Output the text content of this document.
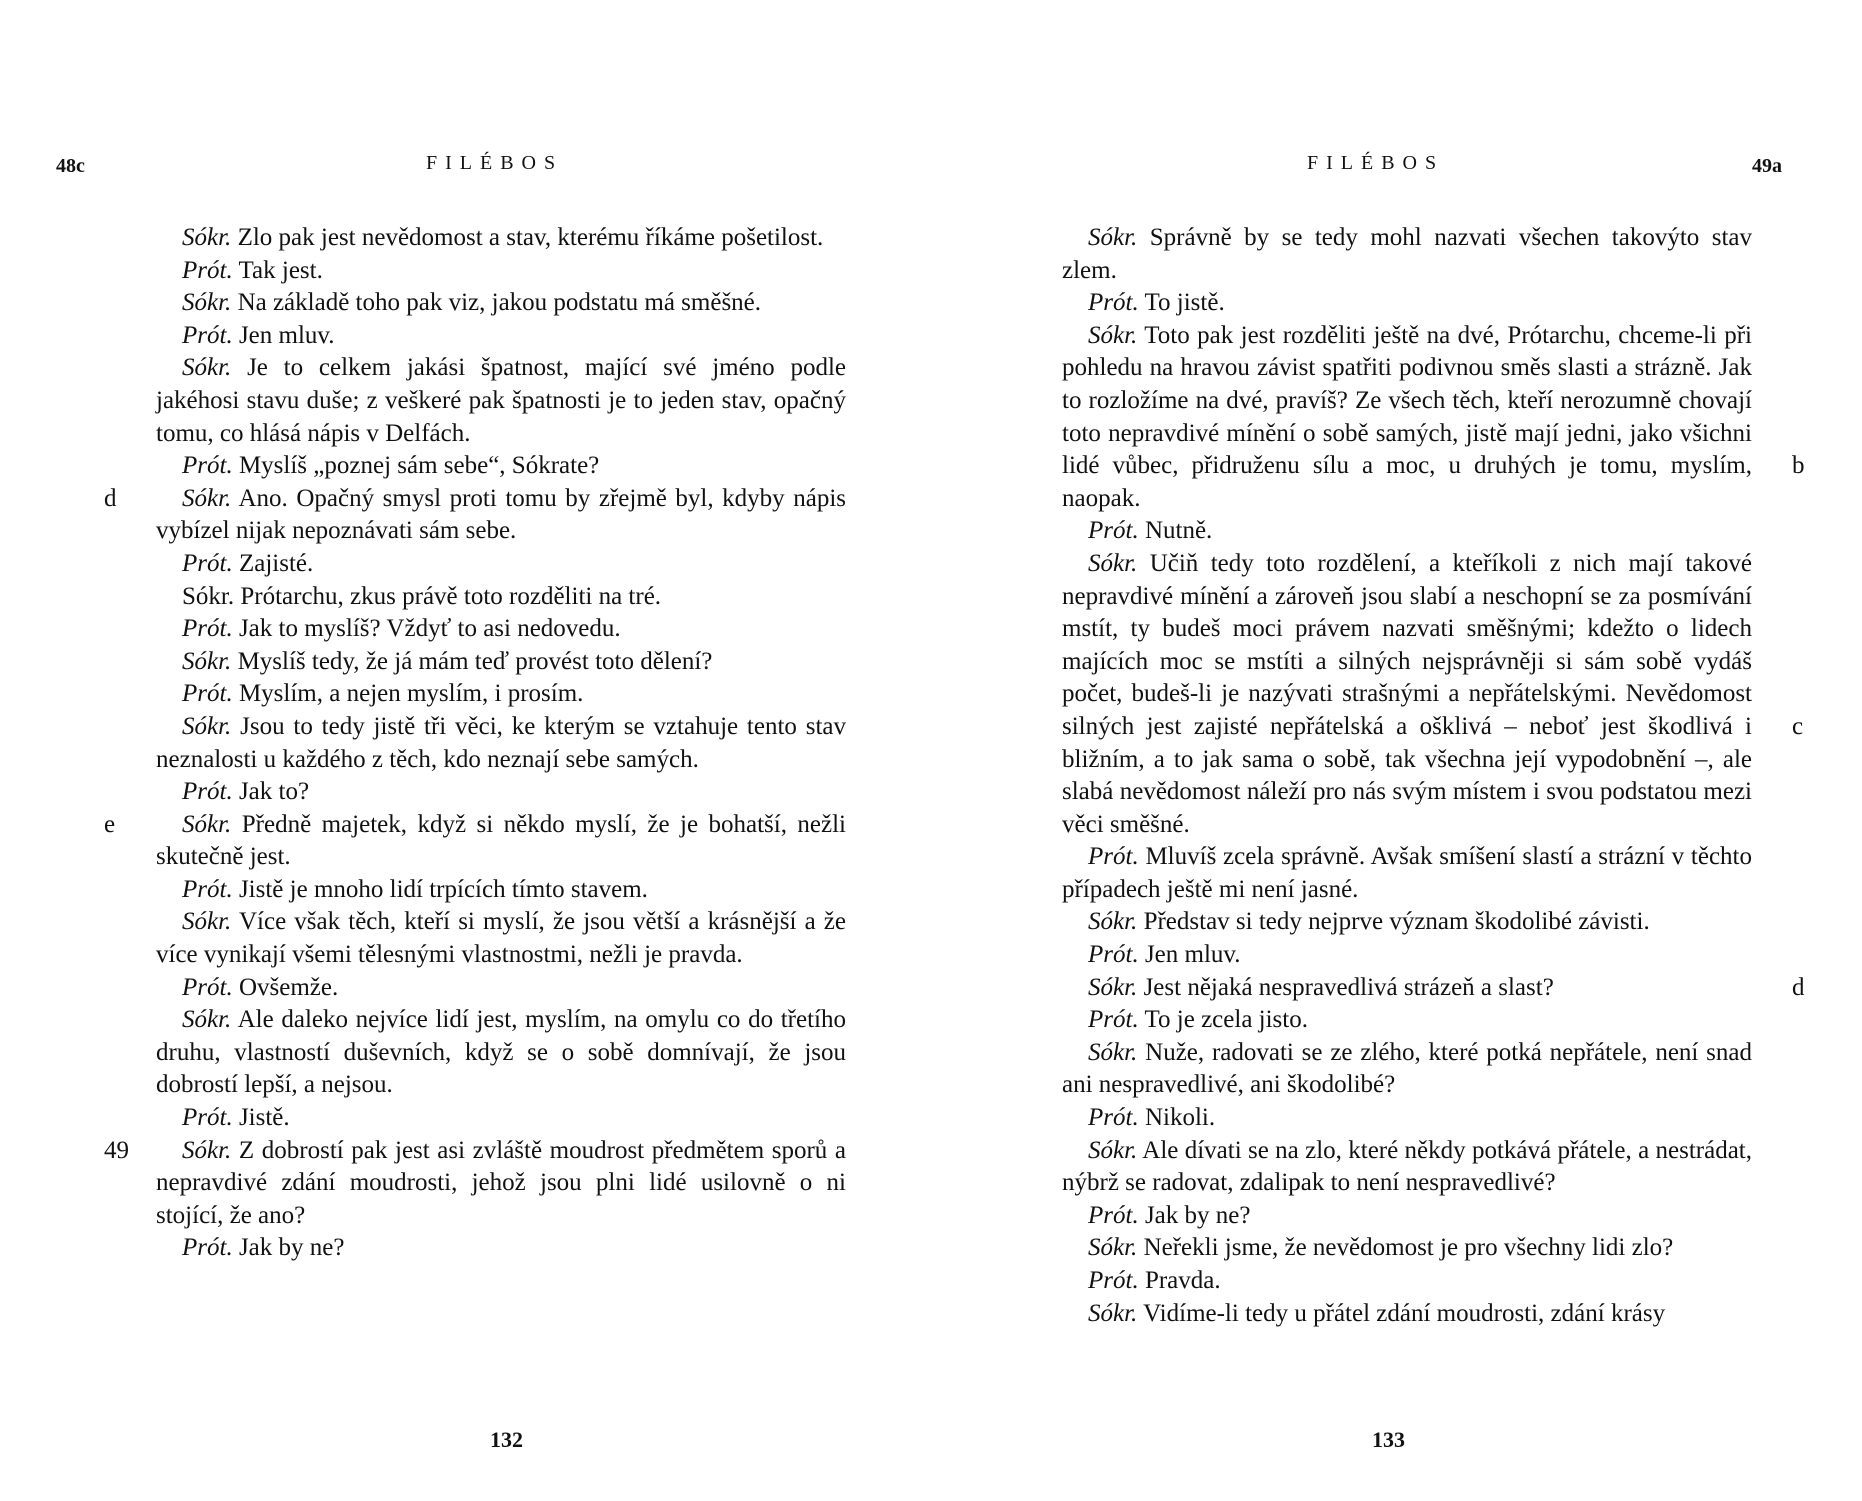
48c	FILÉBOS

Sókr. Zlo pak jest nevědomost a stav, kterému říkáme pošetilost.

Prót. Tak jest.

Sókr. Na základě toho pak viz, jakou podstatu má směšné.

Prót. Jen mluv.

Sókr. Je to celkem jakási špatnost, mající své jméno podle jakéhosi stavu duše; z veškeré pak špatnosti je to jeden stav, opačný tomu, co hlásá nápis v Delfách.

Prót. Myslíš „poznej sám sebe“, Sókrate?

d	Sókr. Ano. Opačný smysl proti tomu by zřejmě byl, kdyby nápis vybízel nijak nepoznávati sám sebe.

Prót. Zajisté.

Sókr. Prótarchu, zkus právě toto rozděliti na tré.

Prót. Jak to myslíš? Vždyť to asi nedovedu.

Sókr. Myslíš tedy, že já mám teď provést toto dělení?

Prót. Myslím, a nejen myslím, i prosím.

Sókr. Jsou to tedy jistě tři věci, ke kterým se vztahuje tento stav neznalosti u každého z těch, kdo neznají sebe samých.

Prót. Jak to?

e	Sókr. Předně majetek, když si někdo myslí, že je bohatší, nežli skutečně jest.

Prót. Jistě je mnoho lidí trpících tímto stavem.

Sókr. Více však těch, kteří si myslí, že jsou větší a krásnější a že více vynikají všemi tělesnými vlastnostmi, nežli je pravda.

Prót. Ovšemže.

Sókr. Ale daleko nejvíce lidí jest, myslím, na omylu co do třetího druhu, vlastností duševních, když se o sobě domnívají, že jsou dobrostí lepší, a nejsou.

Prót. Jistě.

49 Sókr. Z dobrostí pak jest asi zvláště moudrost předmětem sporů a nepravdivé zdání moudrosti, jehož jsou plni lidé usilovně o ni stojící, že ano?

Prót. Jak by ne?

132
FILÉBOS	49a

Sókr. Správně by se tedy mohl nazvati všechen takovýto stav zlem.

Prót. To jistě.

b
Sókr. Toto pak jest rozděliti ještě na dvé, Prótarchu, chceme-li při pohledu na hravou závist spatřiti podivnou směs slasti a strázně. Jak to rozložíme na dvé, pravíš? Ze všech těch, kteří nerozumně chovají toto nepravdivé mínění o sobě samých, jistě mají jedni, jako všichni lidé vůbec, přidruženu sílu a moc, u druhých je tomu, myslím, naopak.

Prót. Nutně.

c
Sókr. Učiň tedy toto rozdělení, a kteříkoli z nich mají takové nepravdivé mínění a zároveň jsou slabí a neschopní se za posmívání mstít, ty budeš moci právem nazvati směšnými; kdežto o lidech majících moc se mstíti a silných nejsprávněji si sám sobě vydáš počet, budeš-li je nazývati strašnými a nepřátelskými. Nevědomost silných jest zajisté nepřátelská a ošklivá – neboť jest škodlivá i bližním, a to jak sama o sobě, tak všechna její vypodobnění –, ale slabá nevědomost náleží pro nás svým místem i svou podstatou mezi věci směšné.

Prót. Mluvíš zcela správně. Avšak smíšení slastí a strázní v těchto případech ještě mi není jasné.

Sókr. Představ si tedy nejprve význam škodolibé závisti.

Prót. Jen mluv.

d
Sókr. Jest nějaká nespravedlivá strázeň a slast?

Prót. To je zcela jisto.

Sókr. Nuže, radovati se ze zlého, které potká nepřátele, není snad ani nespravedlivé, ani škodolibé?

Prót. Nikoli.

Sókr. Ale dívati se na zlo, které někdy potkává přátele, a nestrádat, nýbrž se radovat, zdalipak to není nespravedlivé?

Prót. Jak by ne?

Sókr. Neřekli jsme, že nevědomost je pro všechny lidi zlo?

Prót. Pravda.

Sókr. Vidíme-li tedy u přátel zdání moudrosti, zdání krásy

133
